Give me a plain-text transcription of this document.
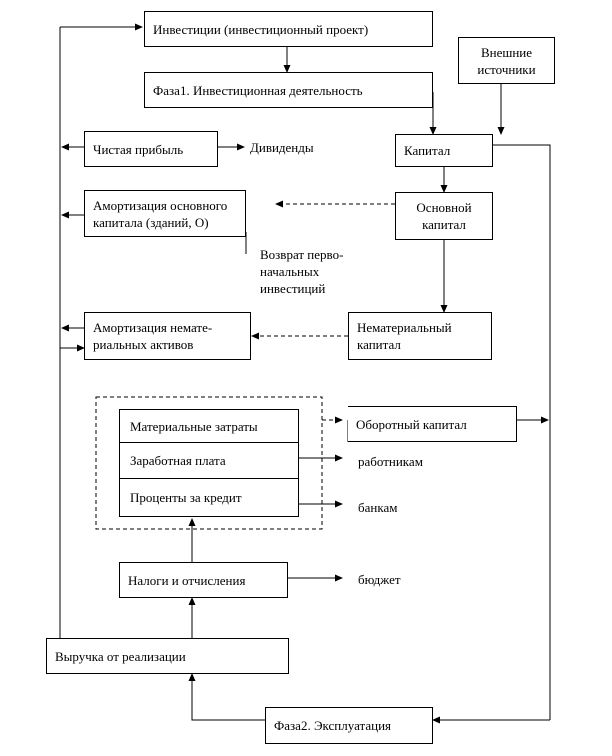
Инвестиции (инвестиционный проект)
Фаза1. Инвестиционная деятельность
Внешние
источники
Чистая прибыль	Дивиденды	Капитал
Амортизация основного
капитала (зданий, О)
Основной
капитал
Возврат перво-
начальных
инвестиций
Амортизация немате-
риальных активов
Нематериальный
капитал
Материальные затраты
Заработная плата
Проценты за кредит
Оборотный капитал
работникам
банкам
Налоги и отчисления	бюджет
Выручка от реализации
Фаза2. Эксплуатация
